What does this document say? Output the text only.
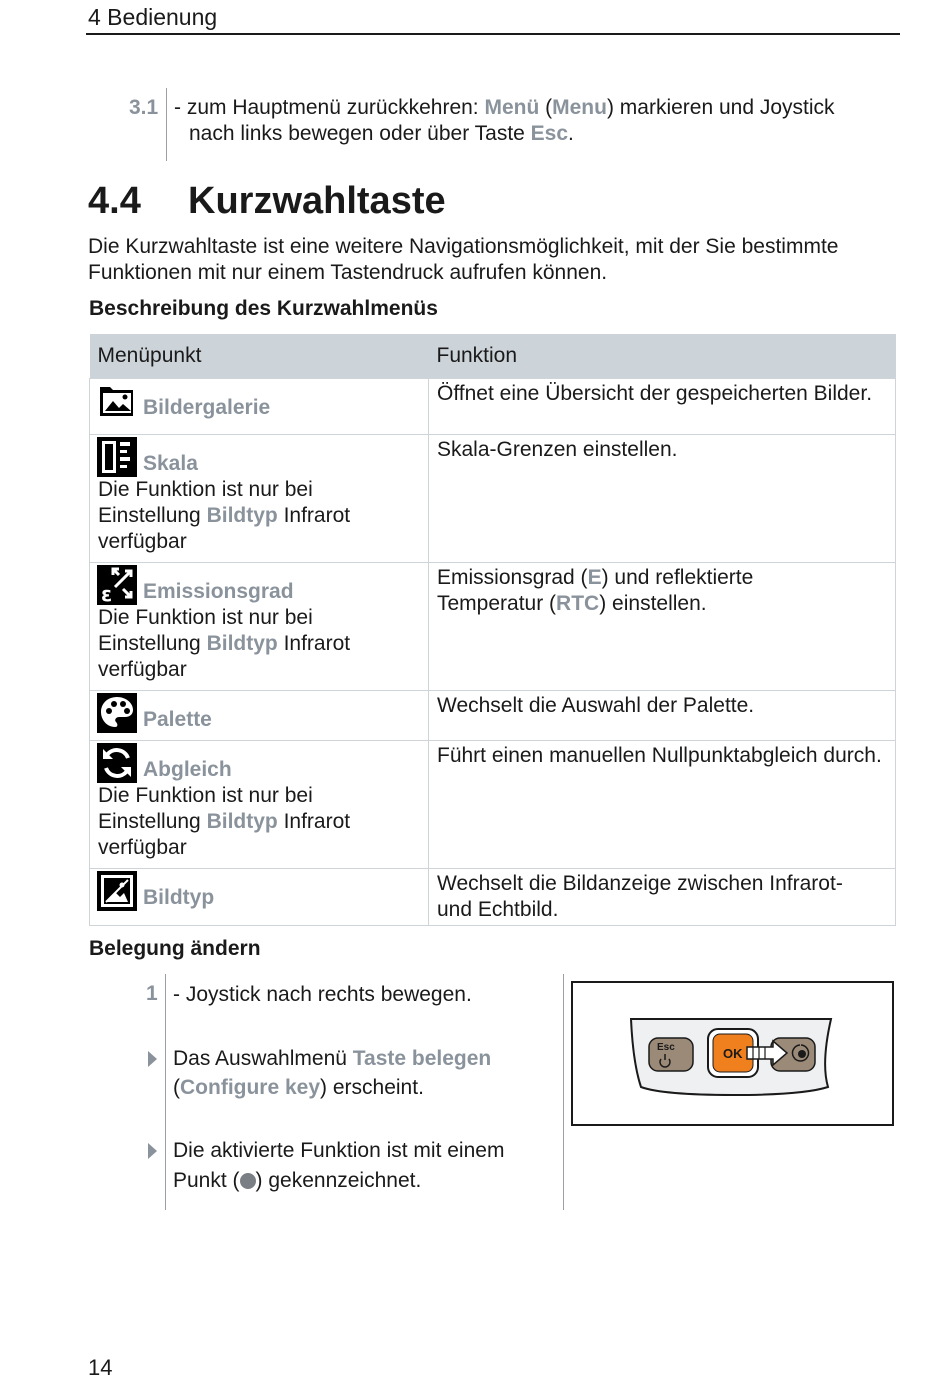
4 Bedienung
3.1 - zum Hauptmenü zurückkehren: Menü (Menu) markieren und Joystick
nach links bewegen oder über Taste Esc.
4.4 Kurzwahltaste
Die Kurzwahltaste ist eine weitere Navigationsmöglichkeit, mit der Sie bestimmte Funktionen mit nur einem Tastendruck aufrufen können.
Beschreibung des Kurzwahlmenüs
Menüpunkt	Funktion

Bildergalerie	Öffnet eine Übersicht der gespeicherten Bilder.

Skala
Die Funktion ist nur bei
Einstellung Bildtyp Infrarot
verfügbar	Skala-Grenzen einstellen.

ε Emissionsgrad
Die Funktion ist nur bei
Einstellung Bildtyp Infrarot
verfügbar	Emissionsgrad (E) und reflektierte
Temperatur (RTC) einstellen.

Palette	Wechselt die Auswahl der Palette.

Abgleich
Die Funktion ist nur bei
Einstellung Bildtyp Infrarot
verfügbar	Führt einen manuellen Nullpunktabgleich durch.

Bildtyp	Wechselt die Bildanzeige zwischen Infrarot-
und Echtbild.
Belegung ändern
1 - Joystick nach rechts bewegen.
Das Auswahlmenü Taste belegen
(Configure key) erscheint.
Die aktivierte Funktion ist mit einem
Punkt ( ) gekennzeichnet.
Esc	OK
14
